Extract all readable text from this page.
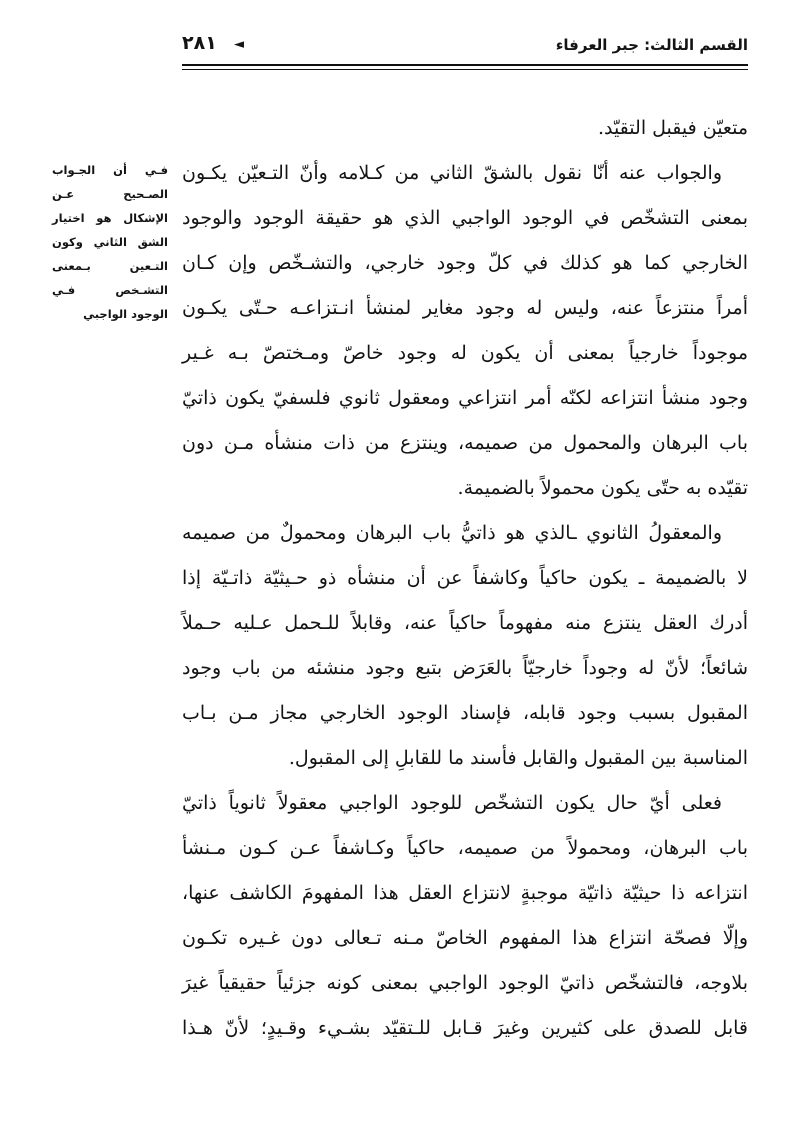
٢٨١ ◄	القسم الثالث: جبر العرفاء
فـي أن الجـواب
الصـحيح عـن
الإشكال هو اختيار
الشق الثاني وكون
التـعين بـمعنى
التشـخص فـي
الوجود الواجبي
متعيّن فيقبل التقيّد.
والجواب عنه أنّا نقول بالشقّ الثاني من كـلامه وأنّ التـعيّن يكـون
بمعنى التشخّص في الوجود الواجبي الذي هو حقيقة الوجود والوجود
الخارجي كما هو كذلك في كلّ وجود خارجي، والتشـخّص وإن كـان
أمراً منتزعاً عنه، وليس له وجود مغاير لمنشأ انـتزاعـه حـتّى يكـون
موجوداً خارجياً بمعنى أن يكون له وجود خاصّ ومـختصّ بـه غـير
وجود منشأ انتزاعه لكنّه أمر انتزاعي ومعقول ثانوي فلسفيّ يكون ذاتيّ
باب البرهان والمحمول من صميمه، وينتزع من ذات منشأه مـن دون
تقيّده به حتّى يكون محمولاً بالضميمة.
والمعقولُ الثانوي ـالذي هو ذاتيُّ باب البرهان ومحمولٌ من صميمه
لا بالضميمة ـ يكون حاكياً وكاشفاً عن أن منشأه ذو حـيثيّة ذاتـيّة إذا
أدرك العقل ينتزع منه مفهوماً حاكياً عنه، وقابلاً للـحمل عـليه حـملاً
شائعاً؛ لأنّ له وجوداً خارجيّاً بالعَرَض بتبع وجود منشئه من باب وجود
المقبول بسبب وجود قابله، فإسناد الوجود الخارجي مجاز مـن بـاب
المناسبة بين المقبول والقابل فأسند ما للقابلِ إلى المقبول.
فعلى أيّ حال يكون التشخّص للوجود الواجبي معقولاً ثانوياً ذاتيّ
باب البرهان، ومحمولاً من صميمه، حاكياً وكـاشفاً عـن كـون مـنشأ
انتزاعه ذا حيثيّة ذاتيّة موجبةٍ لانتزاع العقل هذا المفهومَ الكاشف عنها،
وإلّا فصحّة انتزاع هذا المفهوم الخاصّ مـنه تـعالى دون غـيره تكـون
بلاوجه، فالتشخّص ذاتيّ الوجود الواجبي بمعنى كونه جزئياً حقيقياً غيرَ
قابل للصدق على كثيرين وغيرَ قـابل للـتقيّد بشـيء وقـيدٍ؛ لأنّ هـذا
